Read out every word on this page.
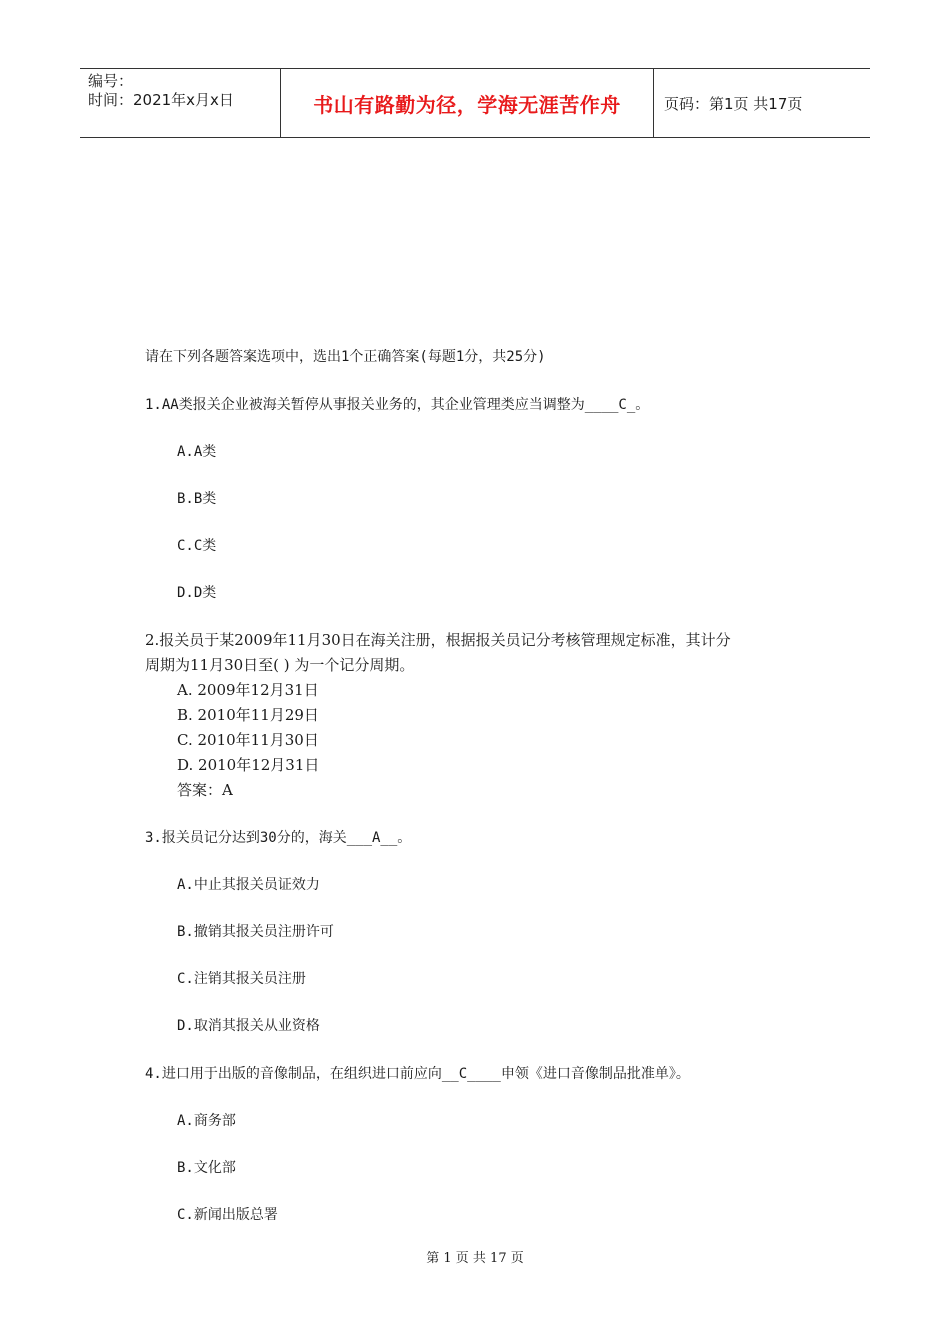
编号：
时间：2021年x月x日	书山有路勤为径，学海无涯苦作舟	页码：第1页 共17页
请在下列各题答案选项中，选出1个正确答案(每题1分，共25分)
1.AA类报关企业被海关暂停从事报关业务的，其企业管理类应当调整为____C_。
A.A类
B.B类
C.C类
D.D类
2.报关员于某2009年11月30日在海关注册，根据报关员记分考核管理规定标准，其计分
周期为11月30日至( ) 为一个记分周期。
A. 2009年12月31日
B. 2010年11月29日
C. 2010年11月30日
D. 2010年12月31日
答案：A
3.报关员记分达到30分的，海关___A__。
A.中止其报关员证效力
B.撤销其报关员注册许可
C.注销其报关员注册
D.取消其报关从业资格
4.进口用于出版的音像制品，在组织进口前应向__C____申领《进口音像制品批准单》。
A.商务部
B.文化部
C.新闻出版总署
第 1 页 共 17 页
